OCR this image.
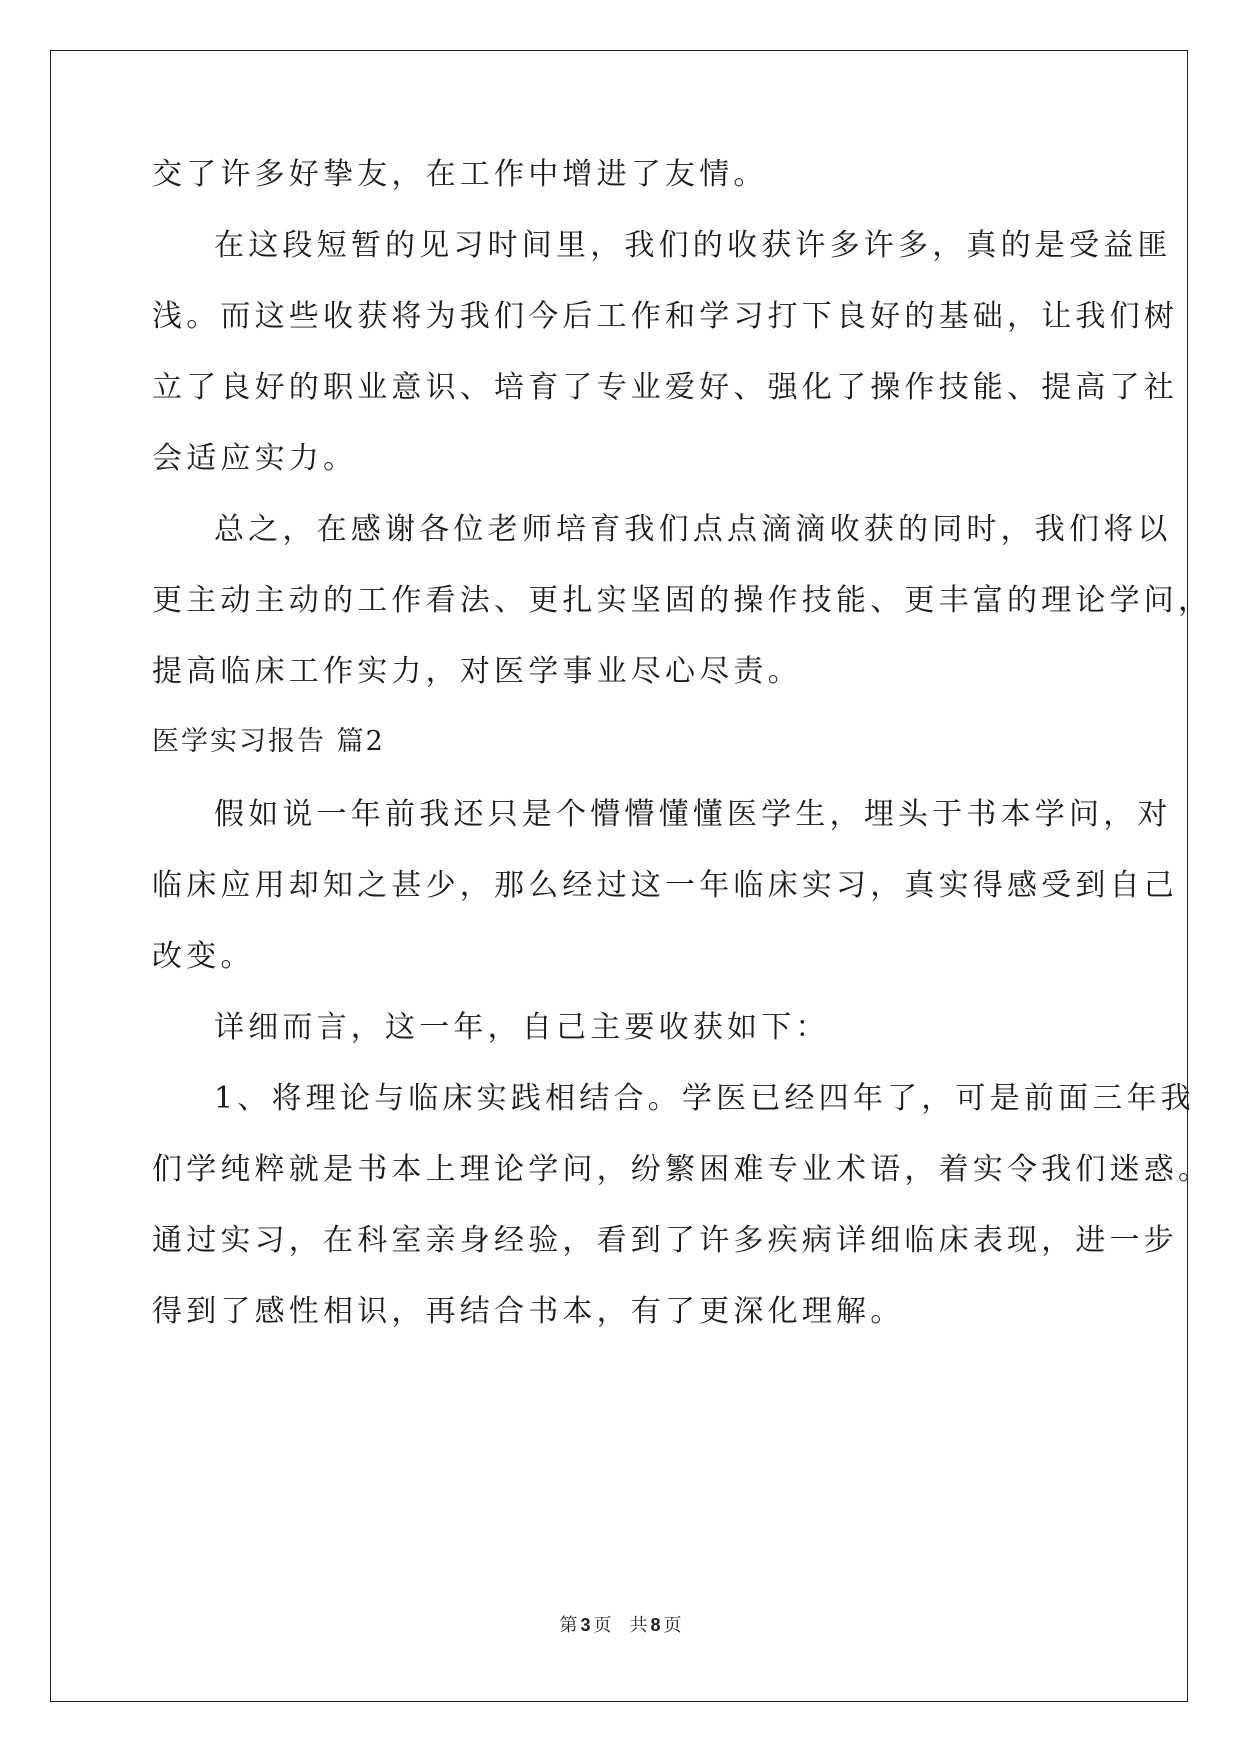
交了许多好挚友，在工作中增进了友情。
在这段短暂的见习时间里，我们的收获许多许多，真的是受益匪
浅。而这些收获将为我们今后工作和学习打下良好的基础，让我们树
立了良好的职业意识、培育了专业爱好、强化了操作技能、提高了社
会适应实力。
总之，在感谢各位老师培育我们点点滴滴收获的同时，我们将以
更主动主动的工作看法、更扎实坚固的操作技能、更丰富的理论学问，
提高临床工作实力，对医学事业尽心尽责。
医学实习报告 篇2
假如说一年前我还只是个懵懵懂懂医学生，埋头于书本学问，对
临床应用却知之甚少，那么经过这一年临床实习，真实得感受到自己
改变。
详细而言，这一年，自己主要收获如下：
1、将理论与临床实践相结合。学医已经四年了，可是前面三年我
们学纯粹就是书本上理论学问，纷繁困难专业术语，着实令我们迷惑。
通过实习，在科室亲身经验，看到了许多疾病详细临床表现，进一步
得到了感性相识，再结合书本，有了更深化理解。
第 3 页　共 8 页
